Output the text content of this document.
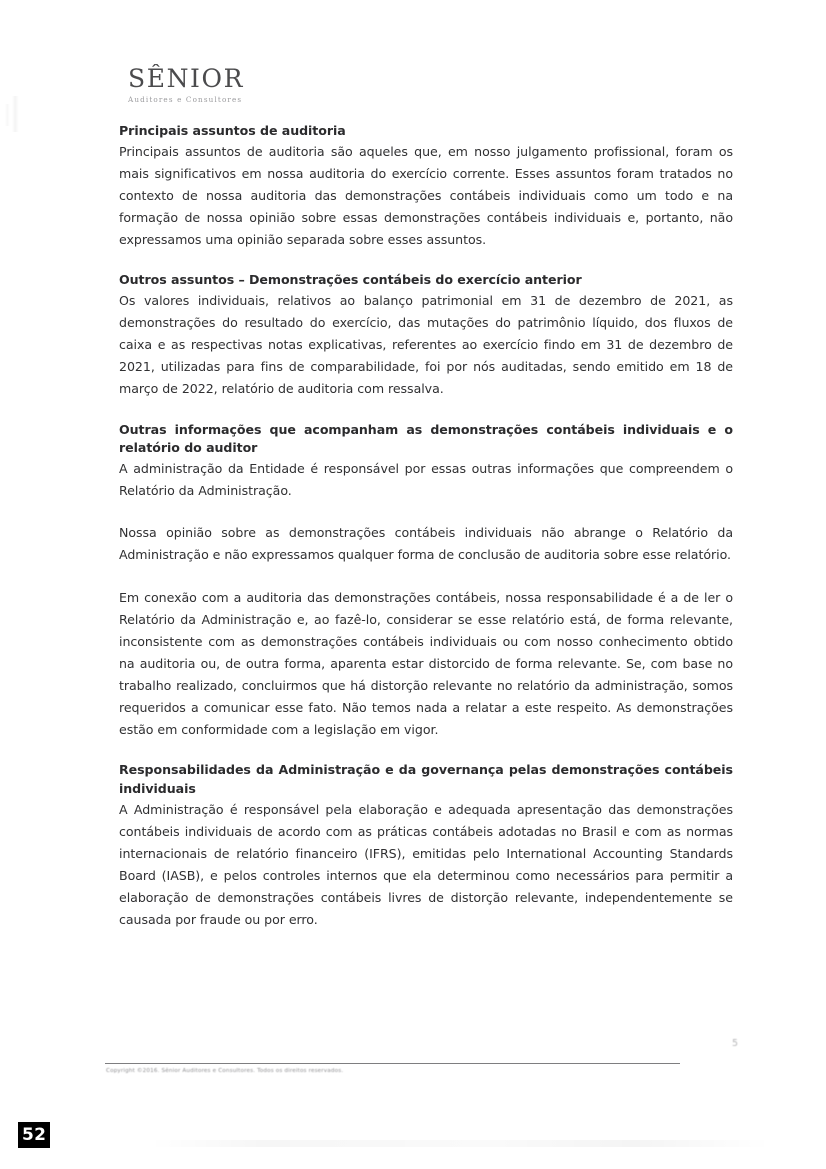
SÊNIOR
Auditores e Consultores
Principais assuntos de auditoria

Principais assuntos de auditoria são aqueles que, em nosso julgamento profissional, foram os mais significativos em nossa auditoria do exercício corrente. Esses assuntos foram tratados no contexto de nossa auditoria das demonstrações contábeis individuais como um todo e na formação de nossa opinião sobre essas demonstrações contábeis individuais e, portanto, não expressamos uma opinião separada sobre esses assuntos.

Outros assuntos – Demonstrações contábeis do exercício anterior

Os valores individuais, relativos ao balanço patrimonial em 31 de dezembro de 2021, as demonstrações do resultado do exercício, das mutações do patrimônio líquido, dos fluxos de caixa e as respectivas notas explicativas, referentes ao exercício findo em 31 de dezembro de 2021, utilizadas para fins de comparabilidade, foi por nós auditadas, sendo emitido em 18 de março de 2022, relatório de auditoria com ressalva.

Outras informações que acompanham as demonstrações contábeis individuais e o relatório do auditor

A administração da Entidade é responsável por essas outras informações que compreendem o Relatório da Administração.

Nossa opinião sobre as demonstrações contábeis individuais não abrange o Relatório da Administração e não expressamos qualquer forma de conclusão de auditoria sobre esse relatório.

Em conexão com a auditoria das demonstrações contábeis, nossa responsabilidade é a de ler o Relatório da Administração e, ao fazê-lo, considerar se esse relatório está, de forma relevante, inconsistente com as demonstrações contábeis individuais ou com nosso conhecimento obtido na auditoria ou, de outra forma, aparenta estar distorcido de forma relevante. Se, com base no trabalho realizado, concluirmos que há distorção relevante no relatório da administração, somos requeridos a comunicar esse fato. Não temos nada a relatar a este respeito. As demonstrações estão em conformidade com a legislação em vigor.

Responsabilidades da Administração e da governança pelas demonstrações contábeis individuais

A Administração é responsável pela elaboração e adequada apresentação das demonstrações contábeis individuais de acordo com as práticas contábeis adotadas no Brasil e com as normas internacionais de relatório financeiro (IFRS), emitidas pelo International Accounting Standards Board (IASB), e pelos controles internos que ela determinou como necessários para permitir a elaboração de demonstrações contábeis livres de distorção relevante, independentemente se causada por fraude ou por erro.

5
Copyright ©2016. Sênior Auditores e Consultores. Todos os direitos reservados.
52
